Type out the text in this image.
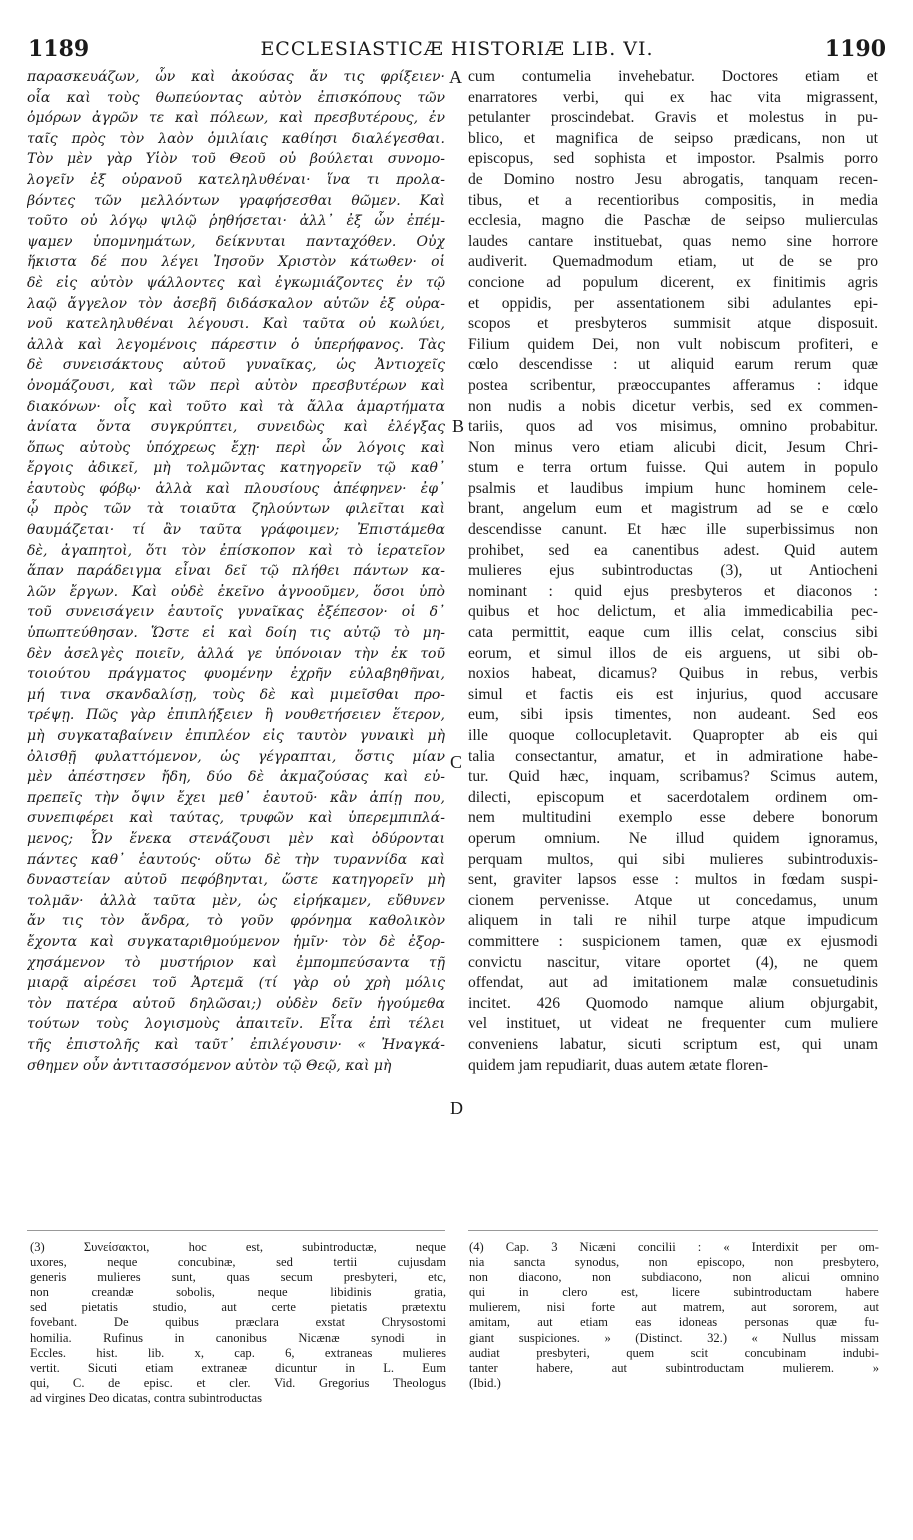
1189	ECCLESIASTICÆ HISTORIÆ LIB. VI.	1190
παρασκευάζων, ὧν καὶ ἀκούσας ἄν τις φρίξειεν·
οἷα καὶ τοὺς θωπεύοντας αὐτὸν ἐπισκόπους τῶν
ὁμόρων ἀγρῶν τε καὶ πόλεων, καὶ πρεσβυτέρους, ἐν
ταῖς πρὸς τὸν λαὸν ὁμιλίαις καθίησι διαλέγεσθαι.
Τὸν μὲν γὰρ Υἱὸν τοῦ Θεοῦ οὐ βούλεται συνομο-
λογεῖν ἐξ οὐρανοῦ κατεληλυθέναι· ἵνα τι προλα-
βόντες τῶν μελλόντων γραφήσεσθαι θῶμεν. Καὶ
τοῦτο οὐ λόγῳ ψιλῷ ῥηθήσεται· ἀλλ᾽ ἐξ ὧν ἐπέμ-
ψαμεν ὑπομνημάτων, δείκνυται πανταχόθεν. Οὐχ
ἥκιστα δέ που λέγει Ἰησοῦν Χριστὸν κάτωθεν· οἱ
δὲ εἰς αὐτὸν ψάλλοντες καὶ ἐγκωμιάζοντες ἐν τῷ
λαῷ ἄγγελον τὸν ἀσεβῆ διδάσκαλον αὐτῶν ἐξ οὐρα-
νοῦ κατεληλυθέναι λέγουσι. Καὶ ταῦτα οὐ κωλύει,
ἀλλὰ καὶ λεγομένοις πάρεστιν ὁ ὑπερήφανος. Τὰς
δὲ συνεισάκτους αὐτοῦ γυναῖκας, ὡς Ἀντιοχεῖς
ὀνομάζουσι, καὶ τῶν περὶ αὐτὸν πρεσβυτέρων καὶ
διακόνων· οἷς καὶ τοῦτο καὶ τὰ ἄλλα ἁμαρτήματα
ἀνίατα ὄντα συγκρύπτει, συνειδὼς καὶ ἐλέγξας
ὅπως αὐτοὺς ὑπόχρεως ἔχῃ· περὶ ὧν λόγοις καὶ
ἔργοις ἀδικεῖ, μὴ τολμῶντας κατηγορεῖν τῷ καθ᾽
ἑαυτοὺς φόβῳ· ἀλλὰ καὶ πλουσίους ἀπέφηνεν· ἐφ᾽
ᾧ πρὸς τῶν τὰ τοιαῦτα ζηλούντων φιλεῖται καὶ
θαυμάζεται· τί ἂν ταῦτα γράφοιμεν; Ἐπιστάμεθα
δὲ, ἀγαπητοὶ, ὅτι τὸν ἐπίσκοπον καὶ τὸ ἱερατεῖον
ἅπαν παράδειγμα εἶναι δεῖ τῷ πλήθει πάντων κα-
λῶν ἔργων. Καὶ οὐδὲ ἐκεῖνο ἀγνοοῦμεν, ὅσοι ὑπὸ
τοῦ συνεισάγειν ἑαυτοῖς γυναῖκας ἐξέπεσον· οἱ δ᾽
ὑπωπτεύθησαν. Ὥστε εἰ καὶ δοίη τις αὐτῷ τὸ μη-
δὲν ἀσελγὲς ποιεῖν, ἀλλά γε ὑπόνοιαν τὴν ἐκ τοῦ
τοιούτου πράγματος φυομένην ἐχρῆν εὐλαβηθῆναι,
μή τινα σκανδαλίσῃ, τοὺς δὲ καὶ μιμεῖσθαι προ-
τρέψῃ. Πῶς γὰρ ἐπιπλήξειεν ἢ νουθετήσειεν ἕτερον,
μὴ συγκαταβαίνειν ἐπιπλέον εἰς ταυτὸν γυναικὶ μὴ
ὀλισθῇ φυλαττόμενον, ὡς γέγραπται, ὅστις μίαν
μὲν ἀπέστησεν ἤδη, δύο δὲ ἀκμαζούσας καὶ εὐ-
πρεπεῖς τὴν ὄψιν ἔχει μεθ᾽ ἑαυτοῦ· κἂν ἀπίῃ που,
συνεπιφέρει καὶ ταύτας, τρυφῶν καὶ ὑπερεμπιπλά-
μενος; Ὧν ἕνεκα στενάζουσι μὲν καὶ ὀδύρονται
πάντες καθ᾽ ἑαυτούς· οὕτω δὲ τὴν τυραννίδα καὶ
δυναστείαν αὐτοῦ πεφόβηνται, ὥστε κατηγορεῖν μὴ
τολμᾶν· ἀλλὰ ταῦτα μὲν, ὡς εἰρήκαμεν, εὔθυνεν
ἄν τις τὸν ἄνδρα, τὸ γοῦν φρόνημα καθολικὸν
ἔχοντα καὶ συγκαταριθμούμενον ἡμῖν· τὸν δὲ ἐξορ-
χησάμενον τὸ μυστήριον καὶ ἐμπομπεύσαντα τῇ
μιαρᾷ αἱρέσει τοῦ Ἀρτεμᾶ (τί γὰρ οὐ χρὴ μόλις
τὸν πατέρα αὐτοῦ δηλῶσαι;) οὐδὲν δεῖν ἡγούμεθα
τούτων τοὺς λογισμοὺς ἀπαιτεῖν. Εἶτα ἐπὶ τέλει
τῆς ἐπιστολῆς καὶ ταῦτ᾽ ἐπιλέγουσιν· « Ἠναγκά-
σθημεν οὖν ἀντιτασσόμενον αὐτὸν τῷ Θεῷ, καὶ μὴ
cum contumelia invehebatur. Doctores etiam et
enarratores verbi, qui ex hac vita migrassent,
petulanter proscindebat. Gravis et molestus in pu-
blico, et magnifica de seipso prædicans, non ut
episcopus, sed sophista et impostor. Psalmis porro
de Domino nostro Jesu abrogatis, tanquam recen-
tibus, et a recentioribus compositis, in media
ecclesia, magno die Paschæ de seipso mulierculas
laudes cantare instituebat, quas nemo sine horrore
audiverit. Quemadmodum etiam, ut de se pro
concione ad populum dicerent, ex finitimis agris
et oppidis, per assentationem sibi adulantes epi-
scopos et presbyteros summisit atque disposuit.
Filium quidem Dei, non vult nobiscum profiteri, e
cœlo descendisse : ut aliquid earum rerum quæ
postea scribentur, præoccupantes afferamus : idque
non nudis a nobis dicetur verbis, sed ex commen-
tariis, quos ad vos misimus, omnino probabitur.
Non minus vero etiam alicubi dicit, Jesum Chri-
stum e terra ortum fuisse. Qui autem in populo
psalmis et laudibus impium hunc hominem cele-
brant, angelum eum et magistrum ad se e cœlo
descendisse canunt. Et hæc ille superbissimus non
prohibet, sed ea canentibus adest. Quid autem
mulieres ejus subintroductas (3), ut Antiocheni
nominant : quid ejus presbyteros et diaconos :
quibus et hoc delictum, et alia immedicabilia pec-
cata permittit, eaque cum illis celat, conscius sibi
eorum, et simul illos de eis arguens, ut sibi ob-
noxios habeat, dicamus? Quibus in rebus, verbis
simul et factis eis est injurius, quod accusare
eum, sibi ipsis timentes, non audeant. Sed eos
ille quoque collocupletavit. Quapropter ab eis qui
talia consectantur, amatur, et in admiratione habe-
tur. Quid hæc, inquam, scribamus? Scimus autem,
dilecti, episcopum et sacerdotalem ordinem om-
nem multitudini exemplo esse debere bonorum
operum omnium. Ne illud quidem ignoramus,
perquam multos, qui sibi mulieres subintroduxis-
sent, graviter lapsos esse : multos in fœdam suspi-
cionem pervenisse. Atque ut concedamus, unum
aliquem in tali re nihil turpe atque impudicum
committere : suspicionem tamen, quæ ex ejusmodi
convictu nascitur, vitare oportet (4), ne quem
offendat, aut ad imitationem malæ consuetudinis
incitet. 426 Quomodo namque alium objurgabit,
vel instituet, ut videat ne frequenter cum muliere
conveniens labatur, sicuti scriptum est, qui unam
quidem jam repudiarit, duas autem ætate floren-
A
B
C
D
(3) Συνείσακτοι, hoc est, subintroductæ, neque
uxores, neque concubinæ, sed tertii cujusdam
generis mulieres sunt, quas secum presbyteri, etc,
non creandæ sobolis, neque libidinis gratia,
sed pietatis studio, aut certe pietatis prætextu
fovebant. De quibus præclara exstat Chrysostomi
homilia. Rufinus in canonibus Nicænæ synodi in
Eccles. hist. lib. x, cap. 6, extraneas mulieres
vertit. Sicuti etiam extraneæ dicuntur in L. Eum
qui, C. de episc. et cler. Vid. Gregorius Theologus
ad virgines Deo dicatas, contra subintroductas
(4) Cap. 3 Nicæni concilii : « Interdixit per om-
nia sancta synodus, non episcopo, non presbytero,
non diacono, non subdiacono, non alicui omnino
qui in clero est, licere subintroductam habere
mulierem, nisi forte aut matrem, aut sororem, aut
amitam, aut etiam eas idoneas personas quæ fu-
giant suspiciones. » (Distinct. 32.) « Nullus missam
audiat presbyteri, quem scit concubinam indubi-
tanter habere, aut subintroductam mulierem. »
(Ibid.)
